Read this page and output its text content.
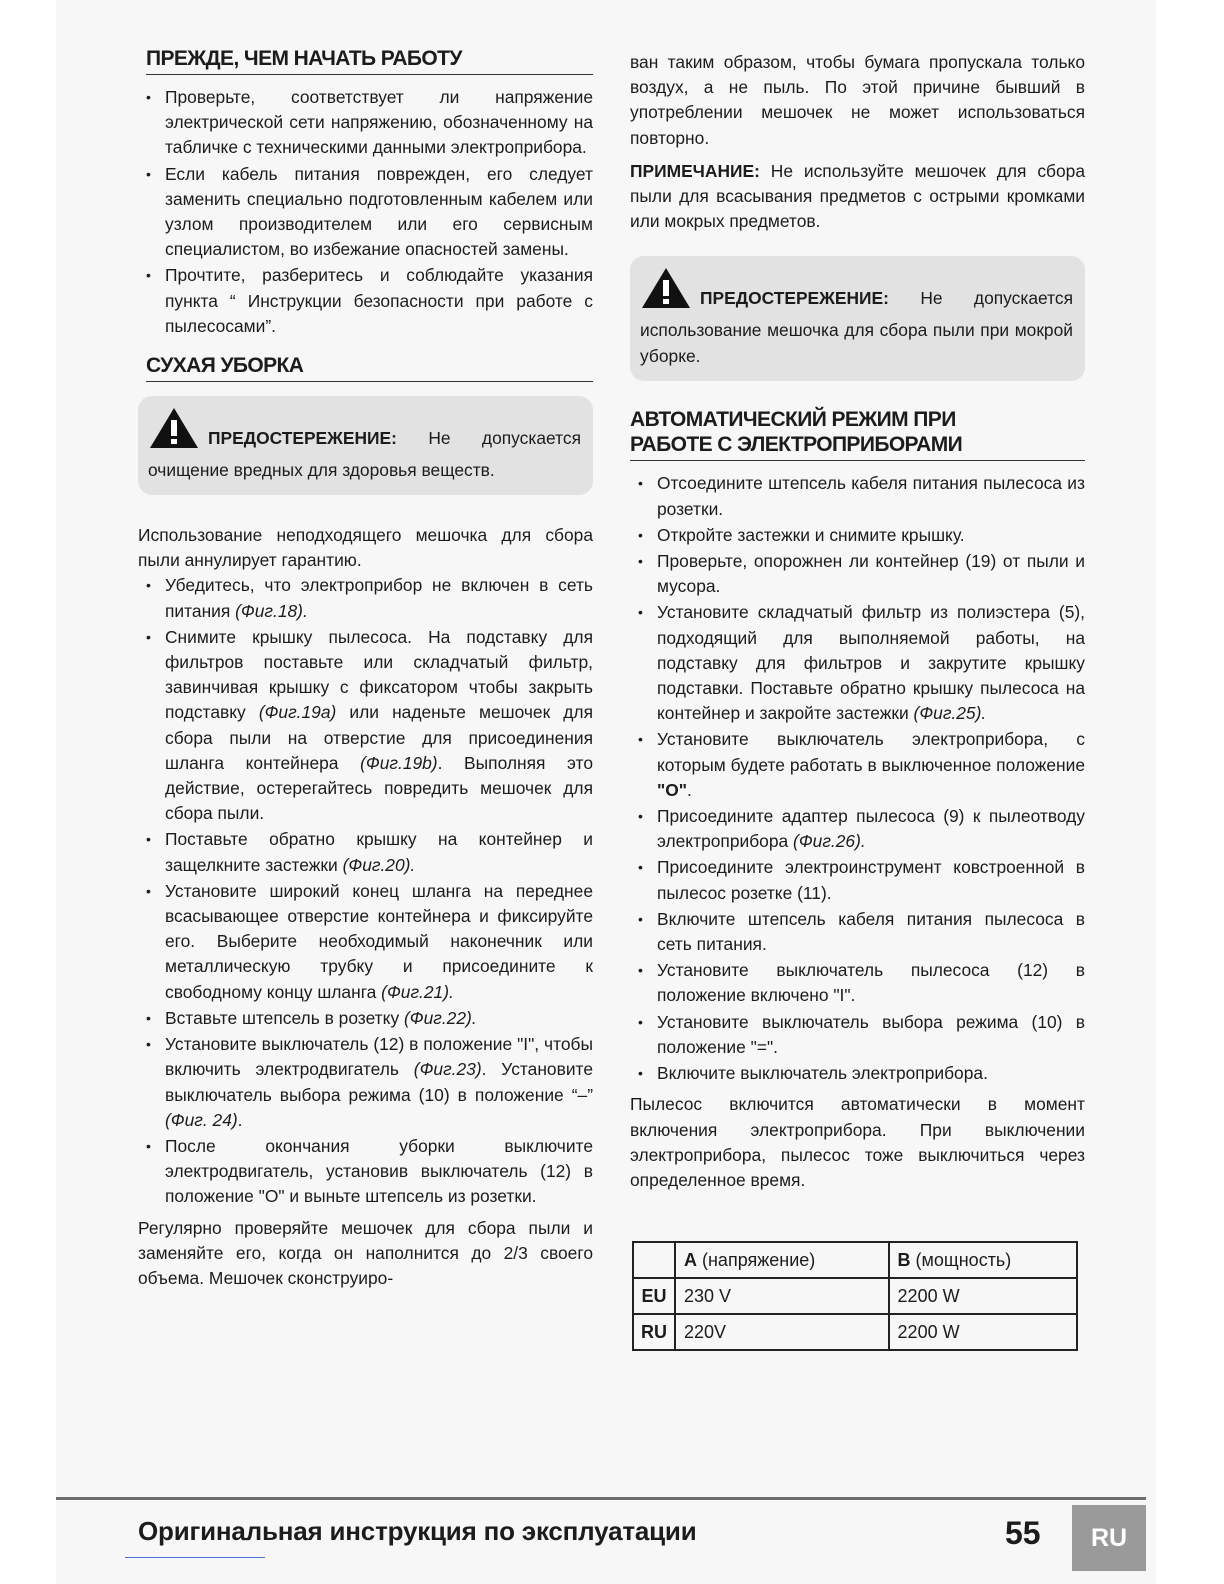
ПРЕЖДЕ, ЧЕМ НАЧАТЬ РАБОТУ
• Проверьте, соответствует ли напряжение электрической сети напряжению, обозначенному на табличке с техническими данными электроприбора.
• Если кабель питания поврежден, его следует заменить специально подготовленным кабелем или узлом производителем или его сервисным специалистом, во избежание опасностей замены.
• Прочтите, разберитесь и соблюдайте указания пункта “ Инструкции безопасности при работе с пылесосами”.
СУХАЯ УБОРКА
ПРЕДОСТЕРЕЖЕНИЕ: Не допускается очищение вредных для здоровья веществ.

Использование неподходящего мешочка для сбора пыли аннулирует гарантию.

• Убедитесь, что электроприбор не включен в сеть питания (Фиг.18).
• Снимите крышку пылесоса. На подставку для фильтров поставьте или складчатый фильтр, завинчивая крышку с фиксатором чтобы закрыть подставку (Фиг.19a) или наденьте мешочек для сбора пыли на отверстие для присоединения шланга контейнера (Фиг.19b). Выполняя это действие, остерегайтесь повредить мешочек для сбора пыли.
• Поставьте обратно крышку на контейнер и защелкните застежки (Фиг.20).
• Установите широкий конец шланга на переднее всасывающее отверстие контейнера и фиксируйте его. Выберите необходимый наконечник или металлическую трубку и присоедините к свободному концу шланга (Фиг.21).
• Вставьте штепсель в розетку (Фиг.22).
• Установите выключатель (12) в положение "I", чтобы включить электродвигатель (Фиг.23). Установите выключатель выбора режима (10) в положение “–” (Фиг. 24).
• После окончания уборки выключите электродвигатель, установив выключатель (12) в положение "O" и выньте штепсель из розетки.

Регулярно проверяйте мешочек для сбора пыли и заменяйте его, когда он наполнится до 2/3 своего объема. Мешочек сконструиро-

ван таким образом, чтобы бумага пропускала только воздух, а не пыль. По этой причине бывший в употреблении мешочек не может использоваться повторно.

ПРИМЕЧАНИЕ: Не используйте мешочек для сбора пыли для всасывания предметов с острыми кромками или мокрых предметов.

ПРЕДОСТЕРЕЖЕНИЕ: Не допускается использование мешочка для сбора пыли при мокрой уборке.
АВТОМАТИЧЕСКИЙ РЕЖИМ ПРИ
РАБОТЕ С ЭЛЕКТРОПРИБОРАМИ
• Отсоедините штепсель кабеля питания пылесоса из розетки.
• Откройте застежки и снимите крышку.
• Проверьте, опорожнен ли контейнер (19) от пыли и мусора.
• Установите складчатый фильтр из полиэстера (5), подходящий для выполняемой работы, на подставку для фильтров и закрутите крышку подставки. Поставьте обратно крышку пылесоса на контейнер и закройте застежки (Фиг.25).
• Установите выключатель электроприбора, с которым будете работать в выключенное положение "O".
• Присоедините адаптер пылесоса (9) к пылеотводу электроприбора (Фиг.26).
• Присоедините электроинструмент ковстроенной в пылесос розетке (11).
• Включите штепсель кабеля питания пылесоса в сеть питания.
• Установите выключатель пылесоса (12) в положение включено "I".
• Установите выключатель выбора режима (10) в положение "=".
• Включите выключатель электроприбора.

Пылесос включится автоматически в момент включения электроприбора. При выключении электроприбора, пылесос тоже выключиться через определенное время.

	A (напряжение)	B (мощность)
EU	230 V	2200 W
RU	220V	2200 W
Оригинальная инструкция по эксплуатации	55	RU
